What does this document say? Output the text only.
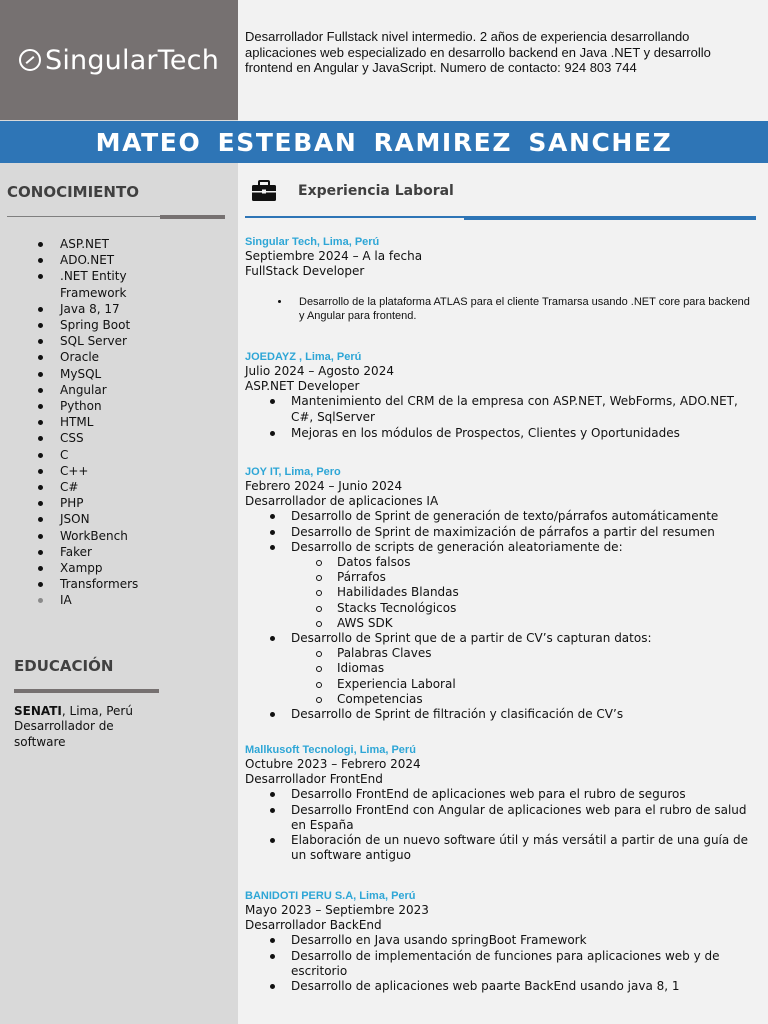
SingularTech
Desarrollador Fullstack nivel intermedio. 2 años de experiencia desarrollando aplicaciones web especializado en desarrollo backend en Java .NET y desarrollo frontend en Angular y JavaScript. Numero de contacto: 924 803 744
MATEO ESTEBAN RAMIREZ SANCHEZ
CONOCIMIENTO
ASP.NET
ADO.NET
.NET Entity
Framework
Java 8, 17
Spring Boot
SQL Server
Oracle
MySQL
Angular
Python
HTML
CSS
C
C++
C#
PHP
JSON
WorkBench
Faker
Xampp
Transformers
IA
EDUCACIÓN
SENATI, Lima, Perú
Desarrollador de software
Experiencia Laboral
Singular Tech, Lima, Perú
Septiembre 2024 – A la fecha
FullStack Developer
Desarrollo de la plataforma ATLAS para el cliente Tramarsa usando .NET core para backend y Angular para frontend.
JOEDAYZ , Lima, Perú
Julio 2024 – Agosto 2024
ASP.NET Developer
Mantenimiento del CRM de la empresa con ASP.NET, WebForms, ADO.NET, C#, SqlServer
Mejoras en los módulos de Prospectos, Clientes y Oportunidades
JOY IT, Lima, Pero
Febrero 2024 – Junio 2024
Desarrollador de aplicaciones IA
Desarrollo de Sprint de generación de texto/párrafos automáticamente
Desarrollo de Sprint de maximización de párrafos a partir del resumen
Desarrollo de scripts de generación aleatoriamente de:
Datos falsos
Párrafos
Habilidades Blandas
Stacks Tecnológicos
AWS SDK
Desarrollo de Sprint que de a partir de CV’s capturan datos:
Palabras Claves
Idiomas
Experiencia Laboral
Competencias
Desarrollo de Sprint de filtración y clasificación de CV’s
Mallkusoft Tecnologi, Lima, Perú
Octubre 2023 – Febrero 2024
Desarrollador FrontEnd
Desarrollo FrontEnd de aplicaciones web para el rubro de seguros
Desarrollo FrontEnd con Angular de aplicaciones web para el rubro de salud en España
Elaboración de un nuevo software útil y más versátil a partir de una guía de un software antiguo
BANIDOTI PERU S.A, Lima, Perú
Mayo 2023 – Septiembre 2023
Desarrollador BackEnd
Desarrollo en Java usando springBoot Framework
Desarrollo de implementación de funciones para aplicaciones web y de escritorio
Desarrollo de aplicaciones web paarte BackEnd usando java 8, 1
